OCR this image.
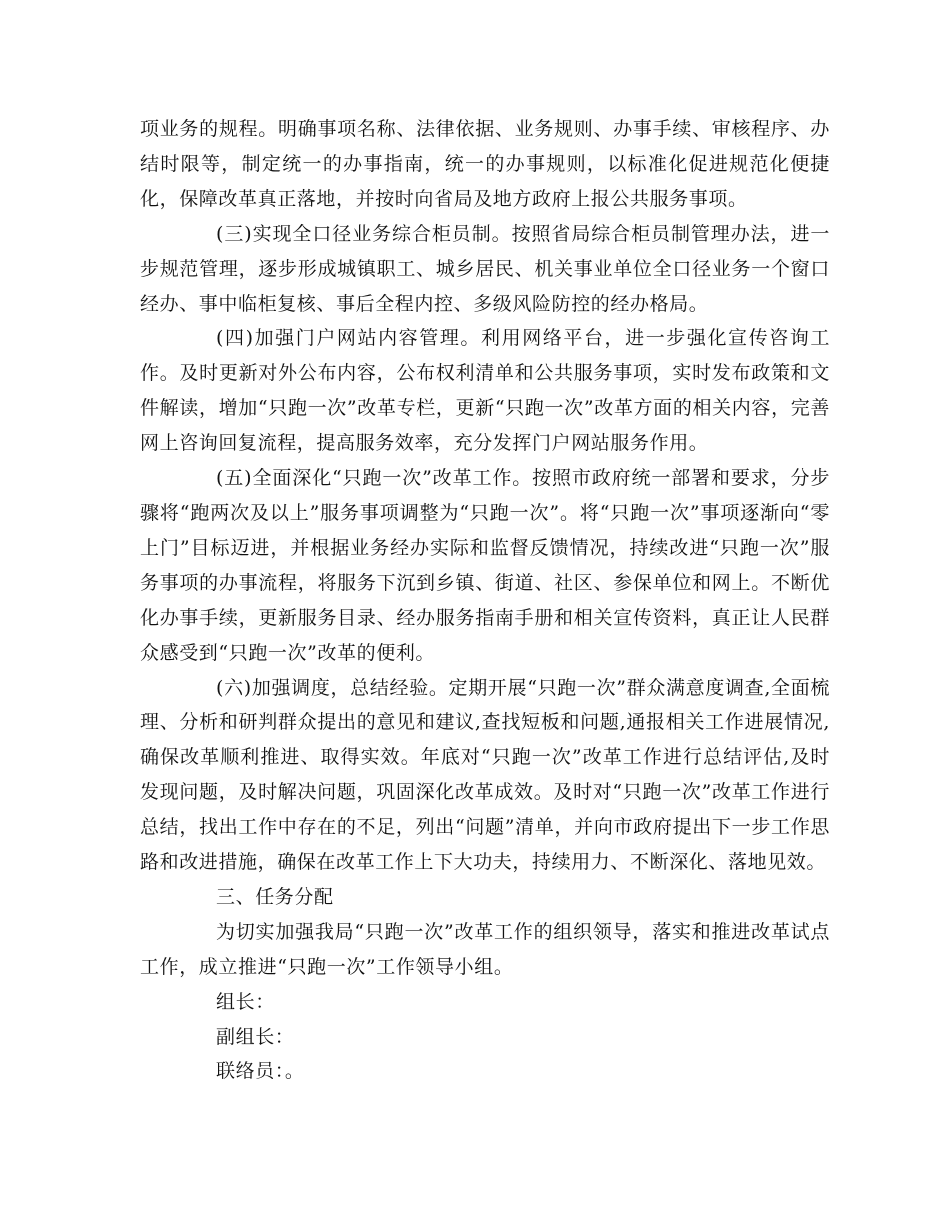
项业务的规程。明确事项名称、法律依据、业务规则、办事手续、审核程序、办结时限等，制定统一的办事指南，统一的办事规则，以标准化促进规范化便捷化，保障改革真正落地，并按时向省局及地方政府上报公共服务事项。

(三)实现全口径业务综合柜员制。按照省局综合柜员制管理办法，进一步规范管理，逐步形成城镇职工、城乡居民、机关事业单位全口径业务一个窗口经办、事中临柜复核、事后全程内控、多级风险防控的经办格局。

(四)加强门户网站内容管理。利用网络平台，进一步强化宣传咨询工作。及时更新对外公布内容，公布权利清单和公共服务事项，实时发布政策和文件解读，增加“只跑一次”改革专栏，更新“只跑一次”改革方面的相关内容，完善网上咨询回复流程，提高服务效率，充分发挥门户网站服务作用。

(五)全面深化“只跑一次”改革工作。按照市政府统一部署和要求，分步骤将“跑两次及以上”服务事项调整为“只跑一次”。将“只跑一次”事项逐渐向“零上门”目标迈进，并根据业务经办实际和监督反馈情况，持续改进“只跑一次”服务事项的办事流程，将服务下沉到乡镇、街道、社区、参保单位和网上。不断优化办事手续，更新服务目录、经办服务指南手册和相关宣传资料，真正让人民群众感受到“只跑一次”改革的便利。

(六)加强调度，总结经验。定期开展“只跑一次”群众满意度调查,全面梳理、分析和研判群众提出的意见和建议,查找短板和问题,通报相关工作进展情况,确保改革顺利推进、取得实效。年底对“只跑一次”改革工作进行总结评估,及时发现问题，及时解决问题，巩固深化改革成效。及时对“只跑一次”改革工作进行总结，找出工作中存在的不足，列出“问题”清单，并向市政府提出下一步工作思路和改进措施，确保在改革工作上下大功夫，持续用力、不断深化、落地见效。

三、任务分配

为切实加强我局“只跑一次”改革工作的组织领导，落实和推进改革试点工作，成立推进“只跑一次”工作领导小组。

组长：

副组长：

联络员：。
